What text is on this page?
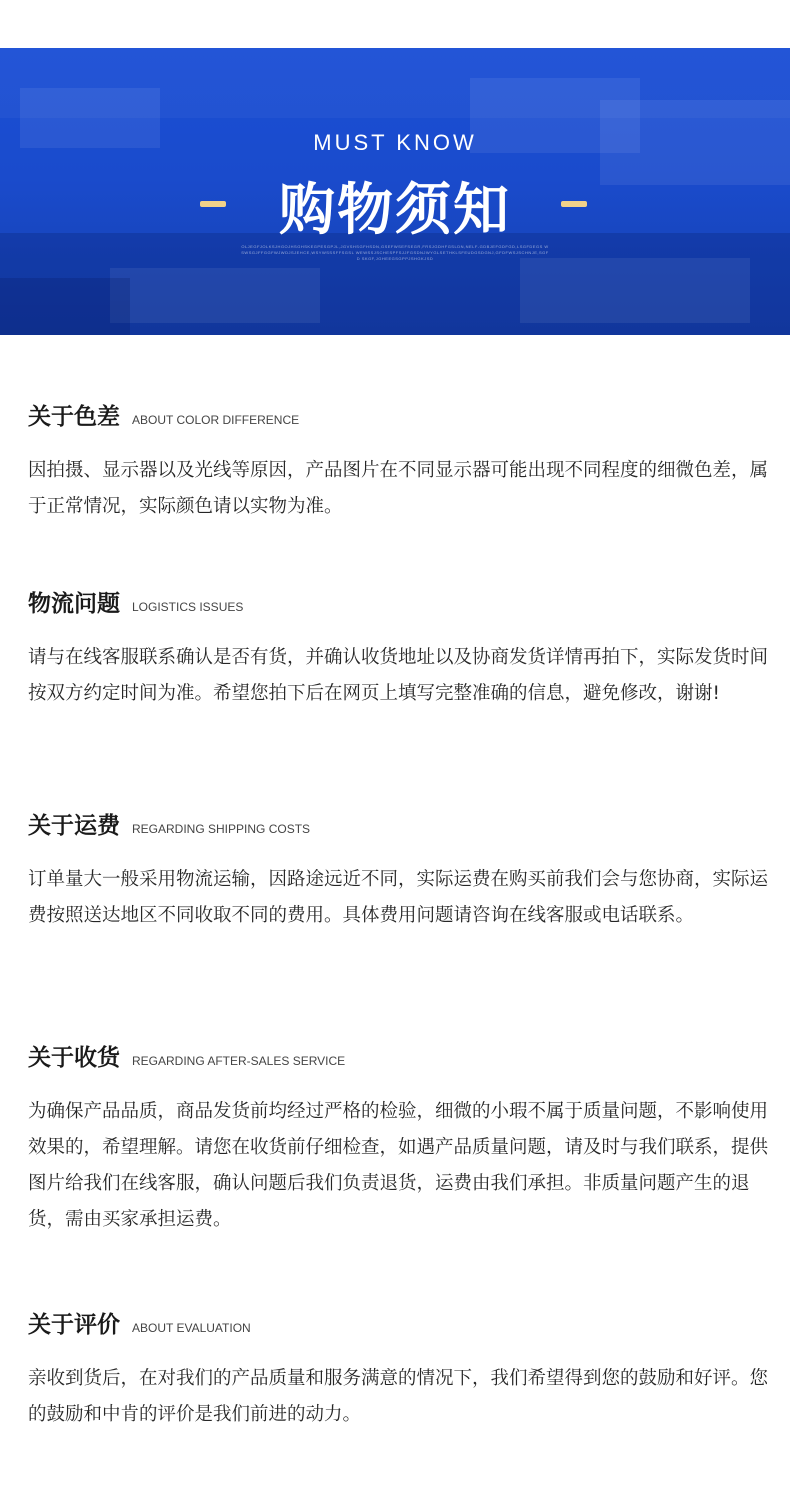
MUST KNOW
购物须知
OLJEGFJOLKSJHGOJHSGHSKEGPESGPJL,JGVSHSGFHSDN,GSEFWSEFSEGR,FRSJGDHFGSLDN,NELF-GDBJEFGDFGD,LSGFDEGS WSWSGJFFGGFWJWDJSJEHCE,WSYWSSSFFSGSL WEWSSJSCHESPFSJJFGSDNJWYGLSETHKLSFEUDGSDGNJ,GFDFWSJSCHNJE,SGFD SKGF,JGHEEGSGPPJSHGKJSD
关于色差 ABOUT COLOR DIFFERENCE
因拍摄、显示器以及光线等原因，产品图片在不同显示器可能出现不同程度的细微色差，属于正常情况，实际颜色请以实物为准。
物流问题 LOGISTICS ISSUES
请与在线客服联系确认是否有货，并确认收货地址以及协商发货详情再拍下，实际发货时间按双方约定时间为准。希望您拍下后在网页上填写完整准确的信息，避免修改，谢谢!
关于运费 REGARDING SHIPPING COSTS
订单量大一般采用物流运输，因路途远近不同，实际运费在购买前我们会与您协商，实际运费按照送达地区不同收取不同的费用。具体费用问题请咨询在线客服或电话联系。
关于收货 REGARDING AFTER-SALES SERVICE
为确保产品品质，商品发货前均经过严格的检验，细微的小瑕不属于质量问题，不影响使用效果的，希望理解。请您在收货前仔细检查，如遇产品质量问题，请及时与我们联系，提供图片给我们在线客服，确认问题后我们负责退货，运费由我们承担。非质量问题产生的退货，需由买家承担运费。
关于评价 ABOUT EVALUATION
亲收到货后，在对我们的产品质量和服务满意的情况下，我们希望得到您的鼓励和好评。您的鼓励和中肯的评价是我们前进的动力。
